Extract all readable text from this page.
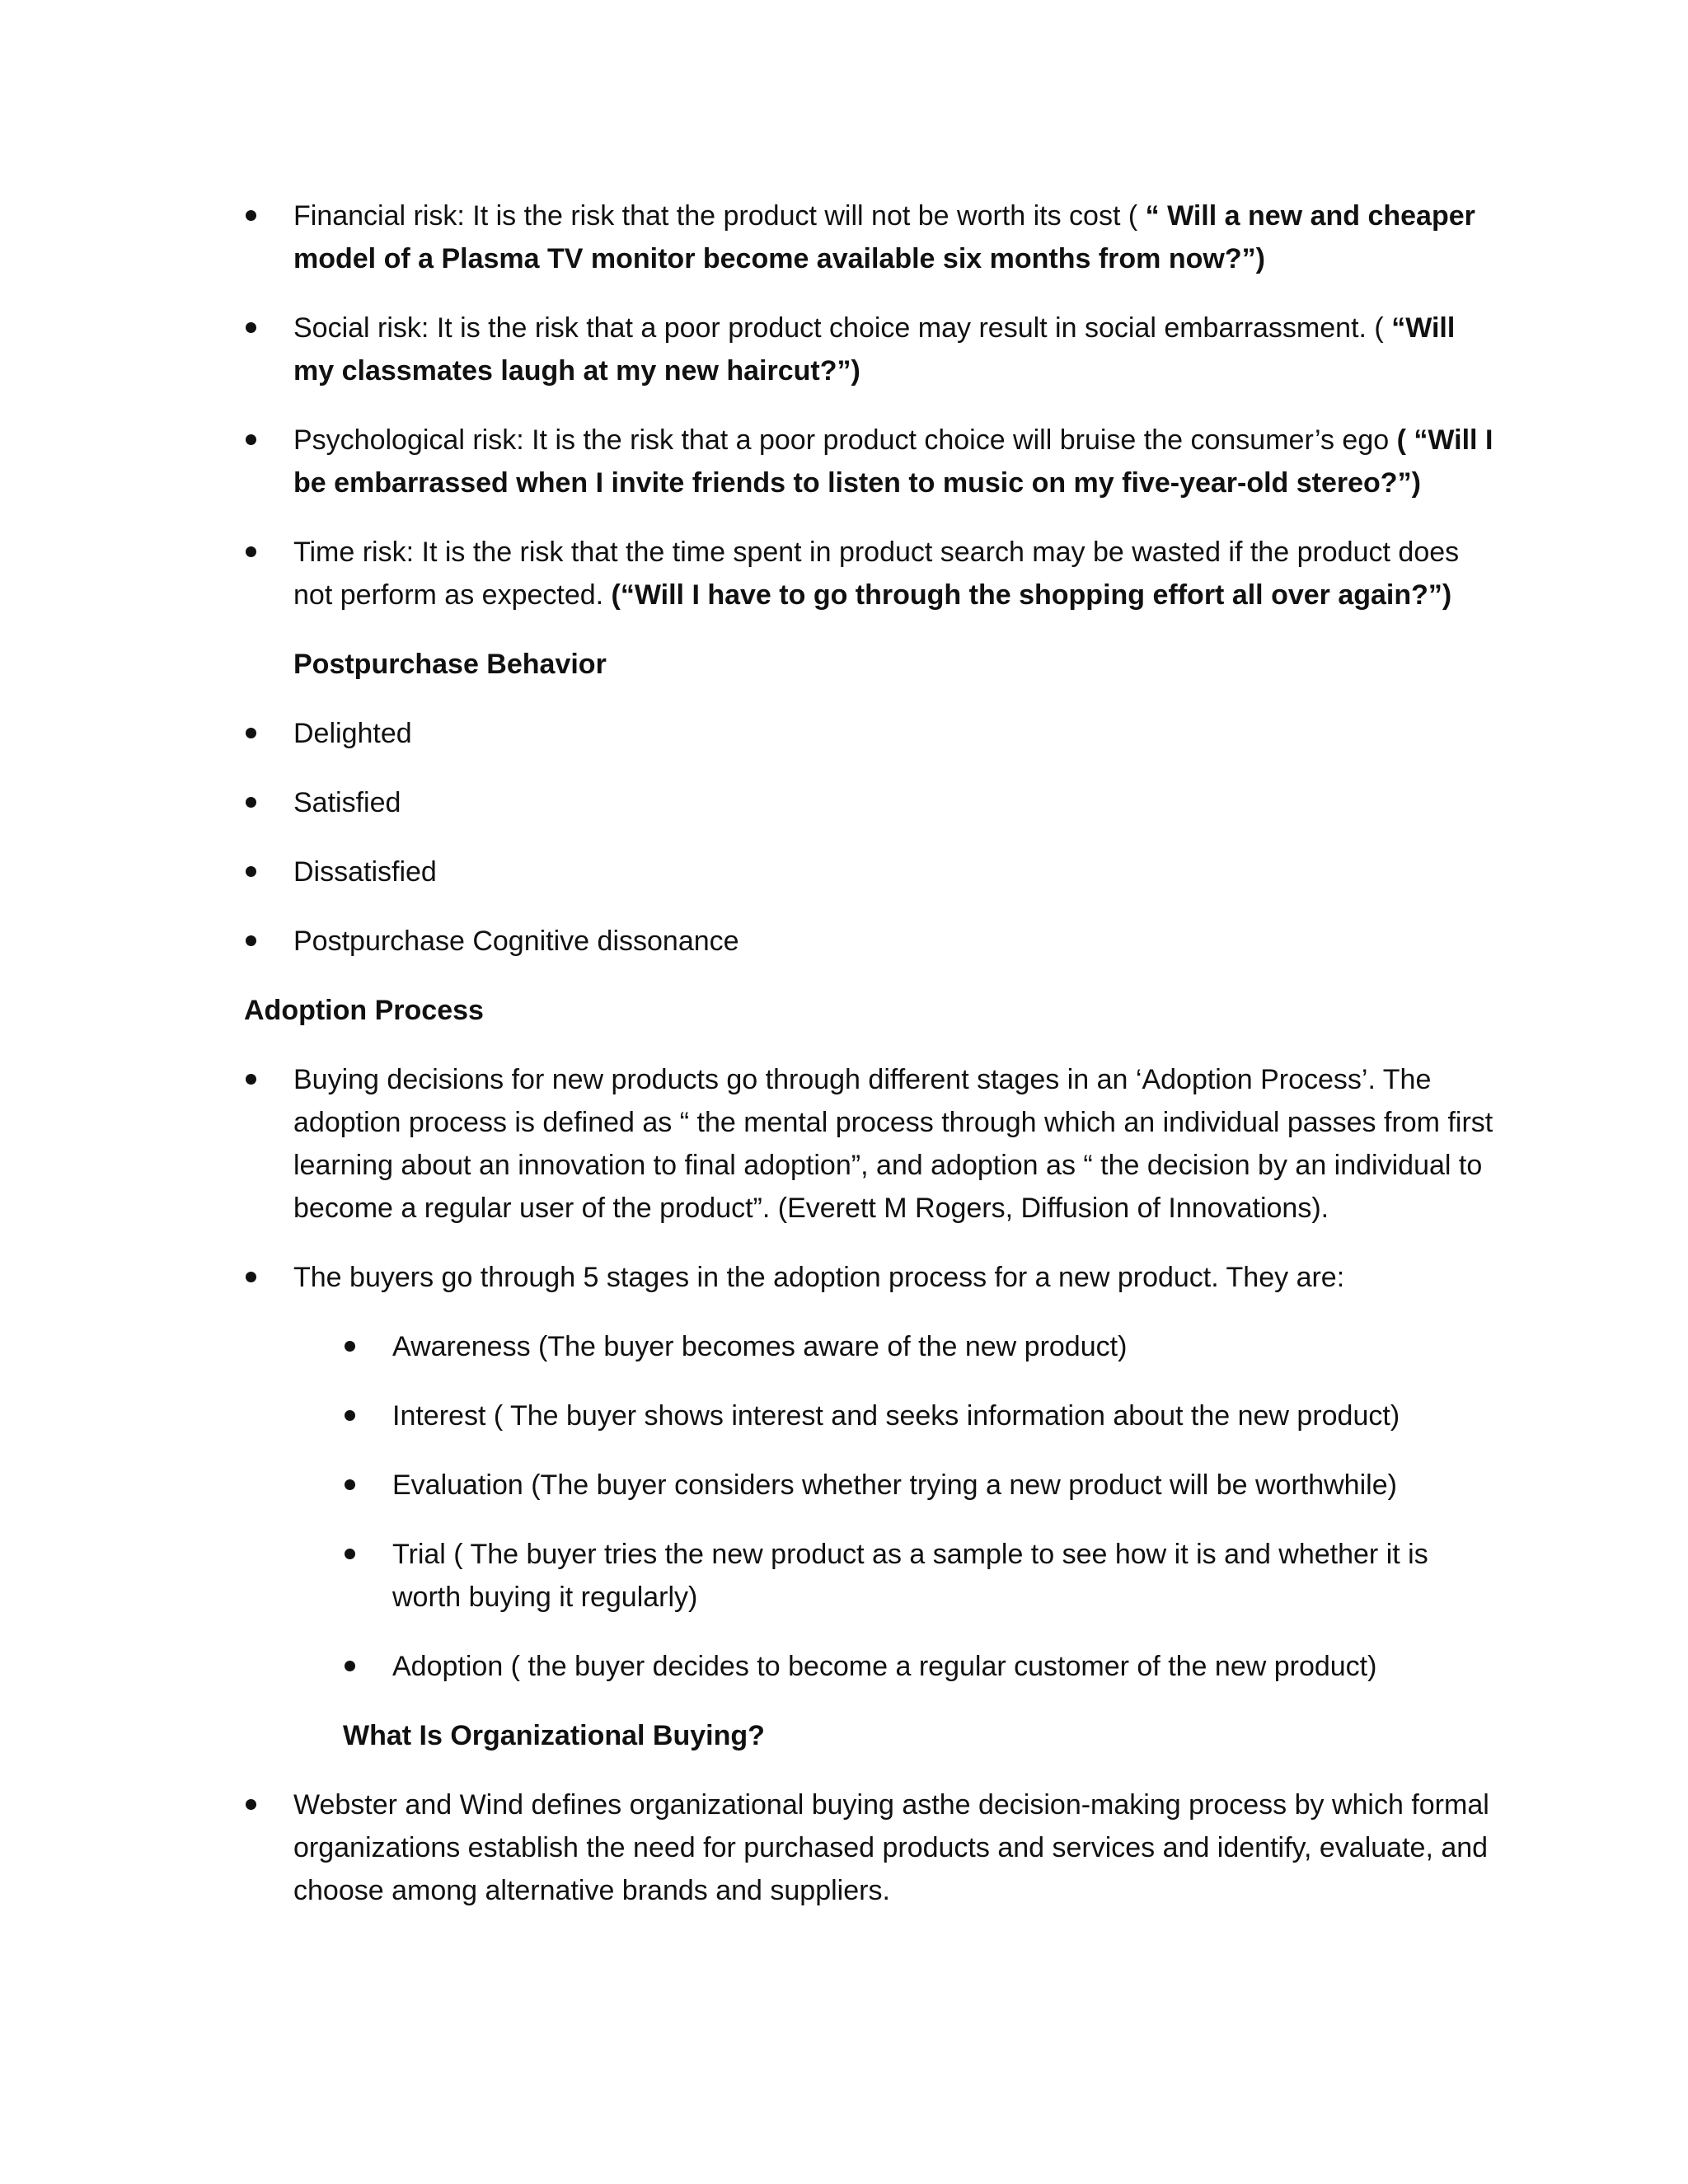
Financial risk: It is the risk that the product will not be worth its cost ( “ Will a new and cheaper model of a Plasma TV monitor become available six months from now?”)
Social risk: It is the risk that a poor product choice may result in social embarrassment. ( “Will my classmates laugh at my new haircut?”)
Psychological risk: It is the risk that a poor product choice will bruise the consumer’s ego ( “Will I be embarrassed when I invite friends to listen to music on my five-year-old stereo?”)
Time risk: It is the risk that the time spent in product search may be wasted if the product does not perform as expected. (“Will I have to go through the shopping effort all over again?”)
Postpurchase Behavior
Delighted
Satisfied
Dissatisfied
Postpurchase Cognitive dissonance
Adoption Process
Buying decisions for new products go through different stages in an ‘Adoption Process’. The adoption process is defined as “ the mental process through which an individual passes from first learning about an innovation to final adoption”, and adoption as “ the decision by an individual to become a regular user of the product”. (Everett M Rogers, Diffusion of Innovations).
The buyers go through 5 stages in the adoption process for a new product. They are:
Awareness (The buyer becomes aware of the new product)
Interest ( The buyer shows interest and seeks information about the new product)
Evaluation (The buyer considers whether trying a new product will be worthwhile)
Trial ( The buyer tries the new product as a sample to see how it is and whether it is worth buying it regularly)
Adoption ( the buyer decides to become a regular customer of the new product)
What Is Organizational Buying?
Webster and Wind defines organizational buying asthe decision-making process by which formal organizations establish the need for purchased products and services and identify, evaluate, and choose among alternative brands and suppliers.
